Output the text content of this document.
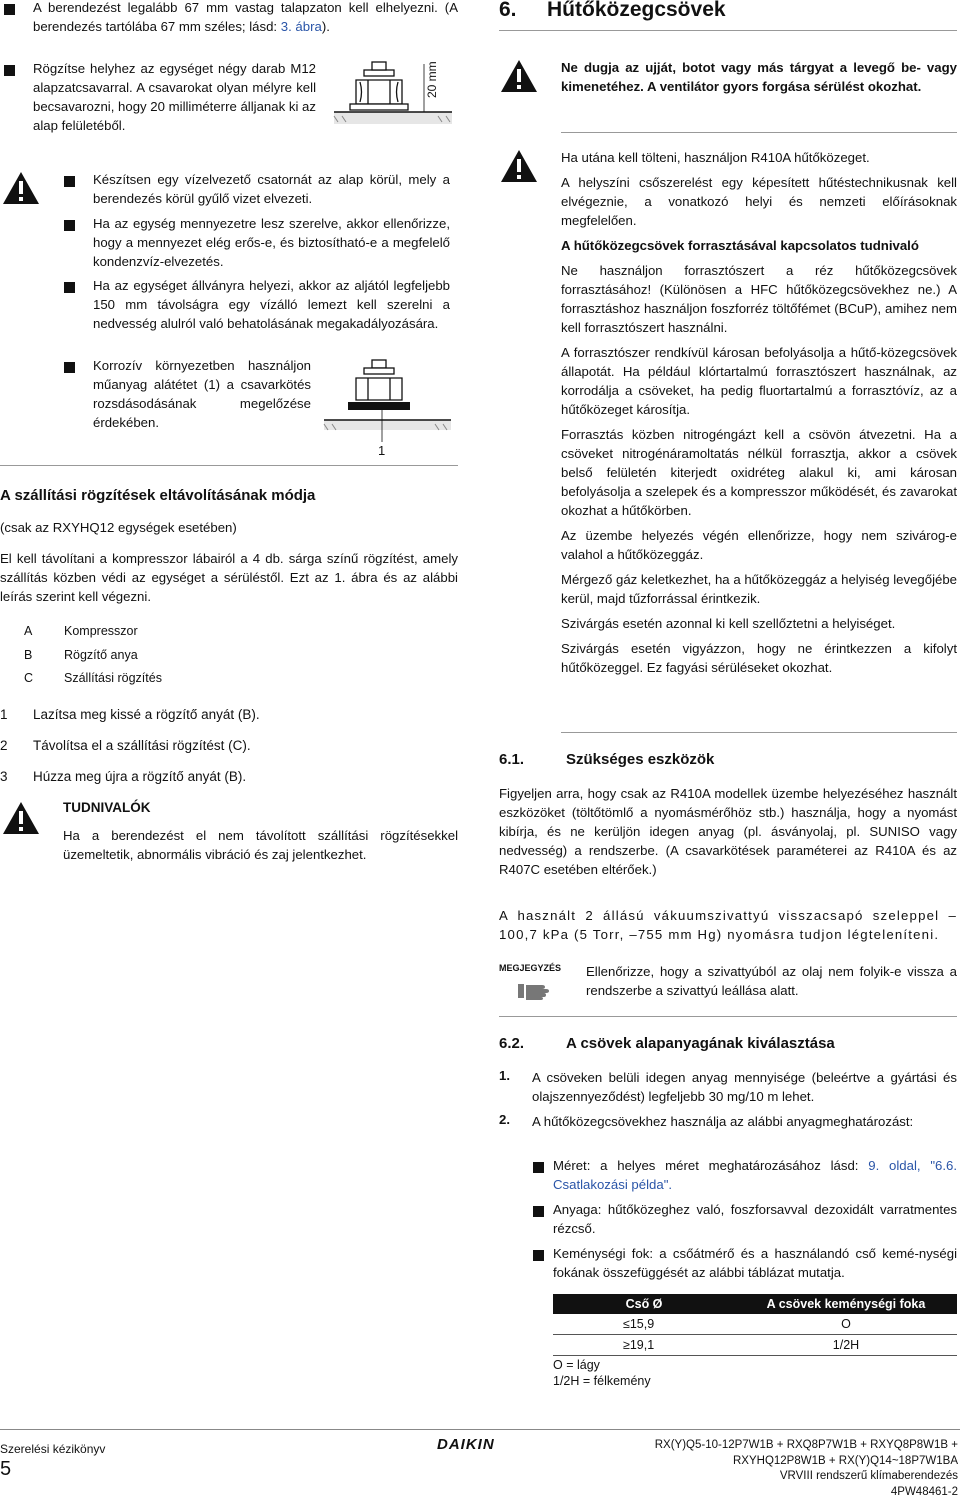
A berendezést legalább 67 mm vastag talapzaton kell elhelyezni. (A berendezés tartólába 67 mm széles; lásd: 3. ábra).

Rögzítse helyhez az egységet négy darab M12 alapzatcsavarral. A csavarokat olyan mélyre kell becsavarozni, hogy 20 milliméterre álljanak ki az alap felületéből.

20 mm

Készítsen egy vízelvezető csatornát az alap körül, mely a berendezés körül gyűlő vizet elvezeti.

Ha az egység mennyezetre lesz szerelve, akkor ellenőrizze, hogy a mennyezet elég erős-e, és biztosítható-e a megfelelő kondenzvíz-elvezetés.

Ha az egységet állványra helyezi, akkor az aljától legfeljebb 150 mm távolságra egy vízálló lemezt kell szerelni a nedvesség alulról való behatolásának megakadályozására.

Korrozív környezetben használjon műanyag alátétet (1) a csavarkötés rozsdásodásának megelőzése érdekében.

1
A szállítási rögzítések eltávolításának módja
(csak az RXYHQ12 egységek esetében)

El kell távolítani a kompresszor lábairól a 4 db. sárga színű rögzítést, amely szállítás közben védi az egységet a sérüléstől. Ezt az 1. ábra és az alábbi leírás szerint kell végezni.

A	Kompresszor
B	Rögzítő anya
C Szállítási rögzítés
1 Lazítsa meg kissé a rögzítő anyát (B).
2 Távolítsa el a szállítási rögzítést (C).
3 Húzza meg újra a rögzítő anyát (B).
TUDNIVALÓK

Ha a berendezést el nem távolított szállítási rögzítésekkel üzemeltetik, abnormális vibráció és zaj jelentkezhet.

6. Hűtőközegcsövek

Ne dugja az ujját, botot vagy más tárgyat a levegő be- vagy kimenetéhez. A ventilátor gyors forgása sérülést okozhat.

Ha utána kell tölteni, használjon R410A hűtőközeget.

A helyszíni csőszerelést egy képesített hűtéstechnikusnak kell elvégeznie, a vonatkozó helyi és nemzeti előírásoknak megfelelően.

A hűtőközegcsövek forrasztásával kapcsolatos tudnivaló

Ne használjon forrasztószert a réz hűtőközegcsövek forrasztásához! (Különösen a HFC hűtőközegcsövekhez ne.) A forrasztáshoz használjon foszforréz töltőfémet (BCuP), amihez nem kell forrasztószert használni.

A forrasztószer rendkívül károsan befolyásolja a hűtő-közegcsövek állapotát. Ha például klórtartalmú forrasztószert használnak, az korrodálja a csöveket, ha pedig fluortartalmú a forrasztóvíz, az a hűtőközeget károsítja.

Forrasztás közben nitrogéngázt kell a csövön átvezetni. Ha a csöveket nitrogénáramoltatás nélkül forrasztja, akkor a csövek belső felületén kiterjedt oxidréteg alakul ki, ami károsan befolyásolja a szelepek és a kompresszor működését, és zavarokat okozhat a hűtőkörben.

Az üzembe helyezés végén ellenőrizze, hogy nem szivárog-e valahol a hűtőközeggáz.

Mérgező gáz keletkezhet, ha a hűtőközeggáz a helyiség levegőjébe kerül, majd tűzforrással érintkezik.

Szivárgás esetén azonnal ki kell szellőztetni a helyiséget.

Szivárgás esetén vigyázzon, hogy ne érintkezzen a kifolyt hűtőközeggel. Ez fagyási sérüléseket okozhat.

6.1.	Szükséges eszközök

Figyeljen arra, hogy csak az R410A modellek üzembe helyezéséhez használt eszközöket (töltőtömlő a nyomásmérőhöz stb.) használja, hogy a nyomást kibírja, és ne kerüljön idegen anyag (pl. ásványolaj, pl. SUNISO vagy nedvesség) a rendszerbe. (A csavarkötések paraméterei az R410A és az R407C esetében eltérőek.)

A használt 2 állású vákuumszivattyú visszacsapó szeleppel –100,7 kPa (5 Torr, –755 mm Hg) nyomásra tudjon légteleníteni.

MEGJEGYZÉS Ellenőrizze, hogy a szivattyúból az olaj nem folyik-e vissza a rendszerbe a szivattyú leállása alatt.

6.2.	A csövek alapanyagának kiválasztása
1. A csöveken belüli idegen anyag mennyisége (beleértve a gyártási és olajszennyeződést) legfeljebb 30 mg/10 m lehet.

2. A hűtőközegcsövekhez használja az alábbi anyagmeghatározást:

Méret: a helyes méret meghatározásához lásd: 9. oldal, "6.6. Csatlakozási példa".

Anyaga: hűtőközeghez való, foszforsavval dezoxidált varratmentes rézcső.

Keménységi fok: a csőátmérő és a használandó cső kemé-nységi fokának összefüggését az alábbi táblázat mutatja.

Cső Ø	A csövek keménységi foka
≤15,9	O
≥19,1	1/2H
O = lágy
1/2H = félkemény
Szerelési kézikönyv
5
DAIKIN	RX(Y)Q5-10-12P7W1B + RXQ8P7W1B + RXYQ8P8W1B +
RXYHQ12P8W1B + RX(Y)Q14~18P7W1BA
VRVIII rendszerű klímaberendezés
4PW48461-2
